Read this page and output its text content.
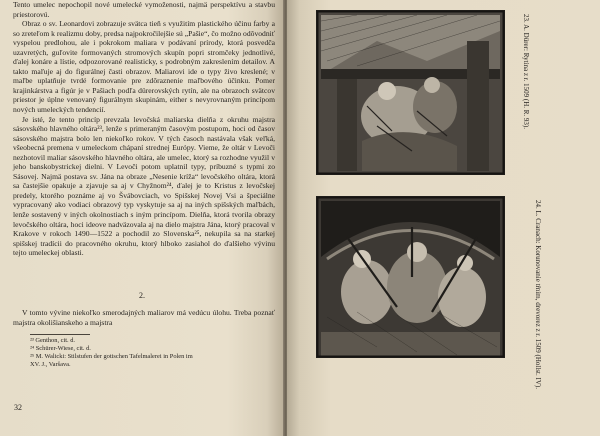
Tento umelec nepochopil nové umelecké vymoženosti, najmä perspektívu a stavbu priestorovú.

Obraz o sv. Leonardovi zobrazuje svätca tieň s využitím plastického účinu farby a so zreteľom k realizmu doby, predsa najpokročilejšie sú „Pašie“, čo možno odôvodniť vyspelou predlohou, ale i pokrokom maliara v podávaní prírody, ktorá posvedča uzavretých, guľovite formovaných stromových skupín popri stromčeky jednotlivé, ďalej konáre a lístie, odpozorované realisticky, s podrobným zakreslením detailov. A takto maľuje aj do figurálnej časti obrazov. Maliarovi ide o typy živo kreslené; v maľbe uplatňuje tvrdé formovanie pre zdôraznenie maľbového účinku. Pomer krajinkárstva a figúr je v Pašiach podľa dürerovských rytín, ale na obrazoch svätcov priestor je úplne venovaný figurálnym skupinám, either s nevyrovnaným princípom nových umeleckých tendencií.

Je isté, že tento princíp prevzala levočská maliarska dielňa z okruhu majstra sásovského hlavného oltára²³, lenže s primeraným časovým postupom, hoci od časov sásovského majstra bolo len niekoľko rokov. V tých časoch nastávala však veľká, všeobecná premena v umeleckom chápaní strednej Európy. Vieme, že oltár v Levoči nezhotovil maliar sásovského hlavného oltára, ale umelec, ktorý sa rozhodne využil v jeho banskobystrickej dielni. V Levoči potom uplatnil typy, príbuzné s typmi zo Sásovej. Najmä postava sv. Jána na obraze „Nesenie kríža“ levočského oltára, ktorá sa častejšie opakuje a zjavuje sa aj v Chyžnom²⁴, ďalej je to Kristus z levočskej predely, ktorého poznáme aj vo Švábovciach, vo Spišskej Novej Vsi a špeciálne vypracovaný ako vodiaci obrazový typ vyskytuje sa aj na iných spišských maľbách, lenže sostavený v iných okolnostiach s iným princípom. Dielňa, ktorá tvorila obrazy levočského oltára, hoci ideove nadväzovala aj na dielo majstra Jána, ktorý pracoval v Krakove v rokoch 1490—1522 a pochodil zo Slovenska²⁵, nekupila sa na starkej spišskej tradícii do pracovného okruhu, ktorý hlboko zasiahol do ďalšieho vývinu tejto umeleckej oblasti.

2.

V tomto vývine niekoľko smerodajných maliarov má vedúcu úlohu. Treba poznať majstra okolišianskeho a majstra

²³ Genthon, cit. d.
²⁴ Schürer-Wiese, cit. d.
²⁵ M. Walicki: Stilstufen der gotischen Tafelmalerei in Polen im
XV. J., Varšava.
32
23. A. Dürer: Rytina z r. 1509 (H. R. 93).
24. L. Cranach: Korunovanie tŕním, drevorez z r. 1509 (Hollst. IV).
